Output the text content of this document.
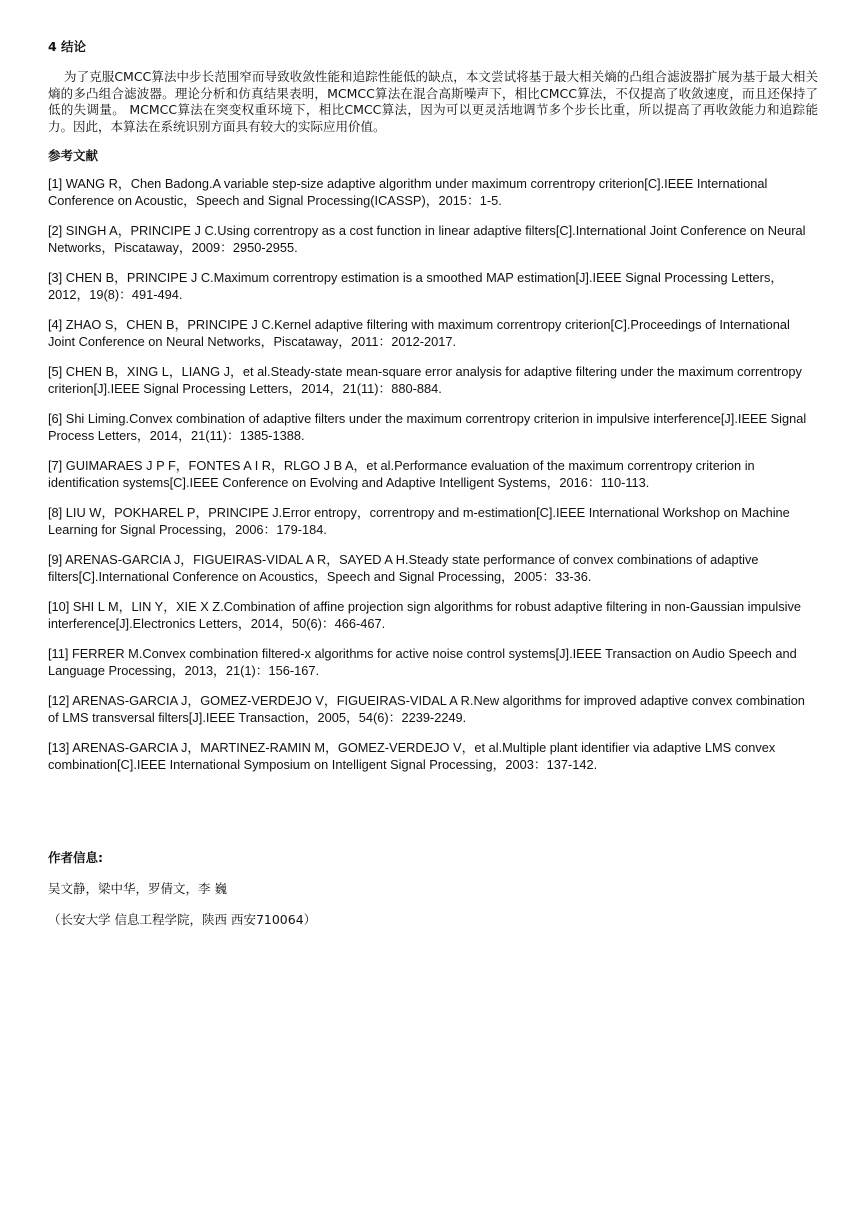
4 结论

为了克服CMCC算法中步长范围窄而导致收敛性能和追踪性能低的缺点，本文尝试将基于最大相关熵的凸组合滤波器扩展为基于最大相关熵的多凸组合滤波器。理论分析和仿真结果表明，MCMCC算法在混合高斯噪声下，相比CMCC算法，不仅提高了收敛速度，而且还保持了低的失调量。 MCMCC算法在突变权重环境下，相比CMCC算法，因为可以更灵活地调节多个步长比重，所以提高了再收敛能力和追踪能力。因此，本算法在系统识别方面具有较大的实际应用价值。

参考文献
[1] WANG R，Chen Badong.A variable step-size adaptive algorithm under maximum correntropy criterion[C].IEEE International Conference on Acoustic，Speech and Signal Processing(ICASSP)，2015：1-5.
[2] SINGH A，PRINCIPE J C.Using correntropy as a cost function in linear adaptive filters[C].International Joint Conference on Neural Networks，Piscataway，2009：2950-2955.
[3] CHEN B，PRINCIPE J C.Maximum correntropy estimation is a smoothed MAP estimation[J].IEEE Signal Processing Letters，2012，19(8)：491-494.
[4] ZHAO S，CHEN B，PRINCIPE J C.Kernel adaptive filtering with maximum correntropy criterion[C].Proceedings of International Joint Conference on Neural Networks，Piscataway，2011：2012-2017.
[5] CHEN B，XING L，LIANG J，et al.Steady-state mean-square error analysis for adaptive filtering under the maximum correntropy criterion[J].IEEE Signal Processing Letters，2014，21(11)：880-884.
[6] Shi Liming.Convex combination of adaptive filters under the maximum correntropy criterion in impulsive interference[J].IEEE Signal Process Letters，2014，21(11)：1385-1388.
[7] GUIMARAES J P F，FONTES A I R，RLGO J B A，et al.Performance evaluation of the maximum correntropy criterion in identification systems[C].IEEE Conference on Evolving and Adaptive Intelligent Systems，2016：110-113.
[8] LIU W，POKHAREL P，PRINCIPE J.Error entropy，correntropy and m-estimation[C].IEEE International Workshop on Machine Learning for Signal Processing，2006：179-184.
[9] ARENAS-GARCIA J，FIGUEIRAS-VIDAL A R，SAYED A H.Steady state performance of convex combinations of adaptive filters[C].International Conference on Acoustics，Speech and Signal Processing，2005：33-36.
[10] SHI L M，LIN Y，XIE X Z.Combination of affine projection sign algorithms for robust adaptive filtering in non-Gaussian impulsive interference[J].Electronics Letters，2014，50(6)：466-467.
[11] FERRER M.Convex combination filtered-x algorithms for active noise control systems[J].IEEE Transaction on Audio Speech and Language Processing，2013，21(1)：156-167.
[12] ARENAS-GARCIA J，GOMEZ-VERDEJO V，FIGUEIRAS-VIDAL A R.New algorithms for improved adaptive convex combination of LMS transversal filters[J].IEEE Transaction，2005，54(6)：2239-2249.
[13] ARENAS-GARCIA J，MARTINEZ-RAMIN M，GOMEZ-VERDEJO V，et al.Multiple plant identifier via adaptive LMS convex combination[C].IEEE International Symposium on Intelligent Signal Processing，2003：137-142.
作者信息:

吴文静，梁中华，罗倩文，李 巍

（长安大学 信息工程学院，陕西 西安710064）
